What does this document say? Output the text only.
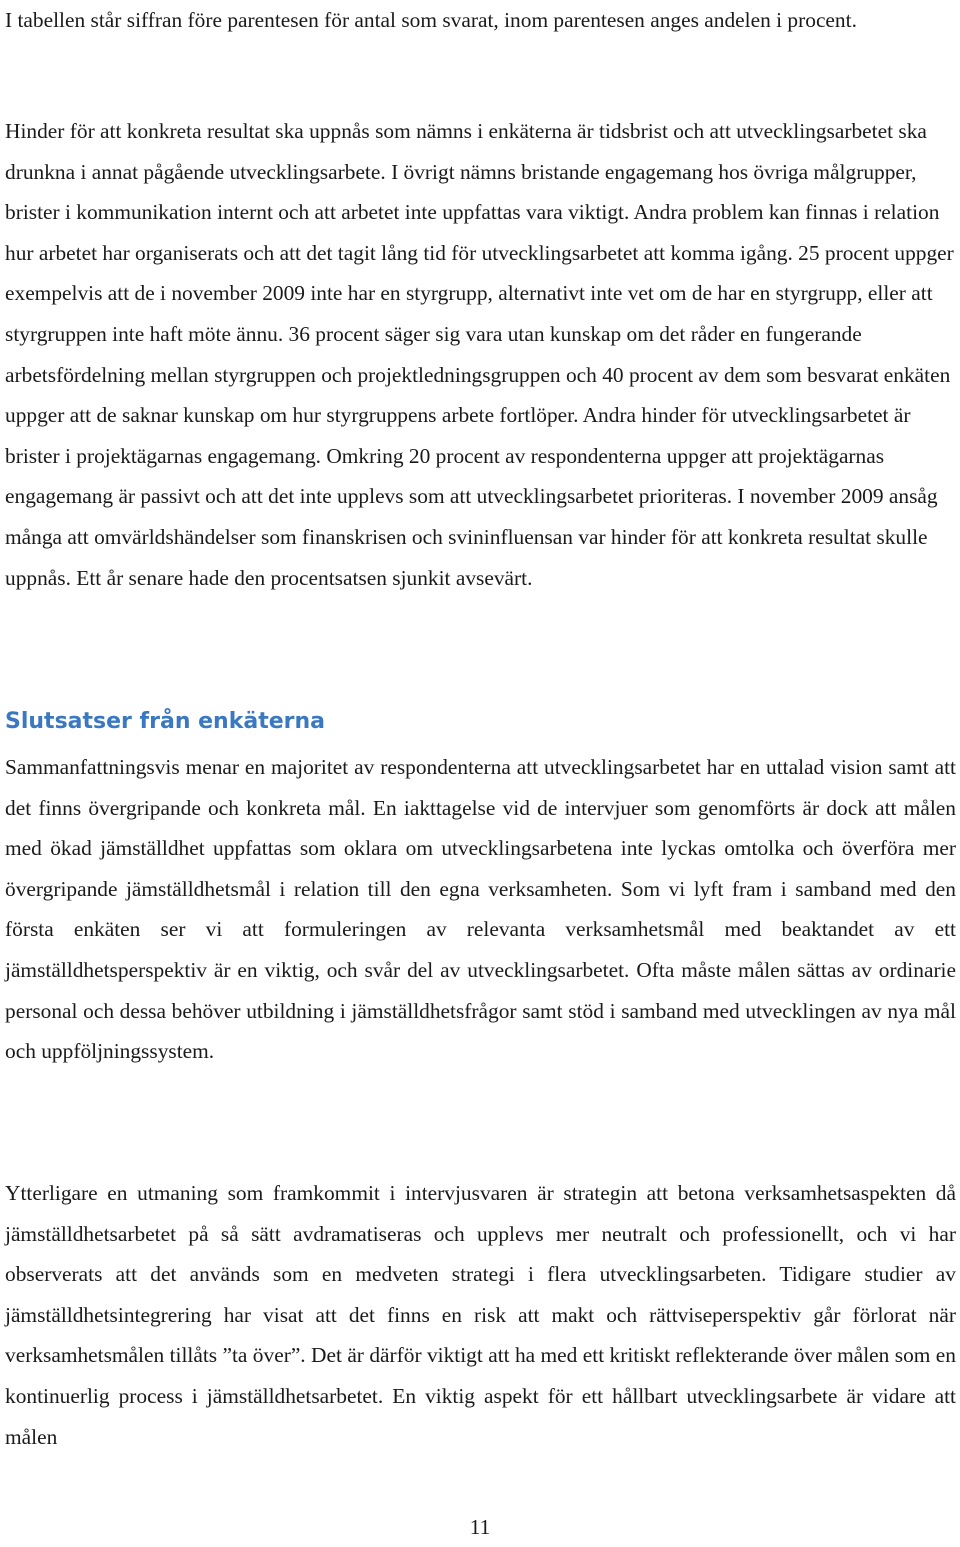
I tabellen står siffran före parentesen för antal som svarat, inom parentesen anges andelen i procent.

Hinder för att konkreta resultat ska uppnås som nämns i enkäterna är tidsbrist och att utvecklingsarbetet ska drunkna i annat pågående utvecklingsarbete. I övrigt nämns bristande engagemang hos övriga målgrupper, brister i kommunikation internt och att arbetet inte uppfattas vara viktigt. Andra problem kan finnas i relation hur arbetet har organiserats och att det tagit lång tid för utvecklingsarbetet att komma igång. 25 procent uppger exempelvis att de i november 2009 inte har en styrgrupp, alternativt inte vet om de har en styrgrupp, eller att styrgruppen inte haft möte ännu. 36 procent säger sig vara utan kunskap om det råder en fungerande arbetsfördelning mellan styrgruppen och projektledningsgruppen och 40 procent av dem som besvarat enkäten uppger att de saknar kunskap om hur styrgruppens arbete fortlöper. Andra hinder för utvecklingsarbetet är brister i projektägarnas engagemang. Omkring 20 procent av respondenterna uppger att projektägarnas engagemang är passivt och att det inte upplevs som att utvecklingsarbetet prioriteras. I november 2009 ansåg många att omvärldshändelser som finanskrisen och svininfluensan var hinder för att konkreta resultat skulle uppnås. Ett år senare hade den procentsatsen sjunkit avsevärt.

Slutsatser från enkäterna

Sammanfattningsvis menar en majoritet av respondenterna att utvecklingsarbetet har en uttalad vision samt att det finns övergripande och konkreta mål. En iakttagelse vid de intervjuer som genomförts är dock att målen med ökad jämställdhet uppfattas som oklara om utvecklingsarbetena inte lyckas omtolka och överföra mer övergripande jämställdhetsmål i relation till den egna verksamheten. Som vi lyft fram i samband med den första enkäten ser vi att formuleringen av relevanta verksamhetsmål med beaktandet av ett jämställdhetsperspektiv är en viktig, och svår del av utvecklingsarbetet. Ofta måste målen sättas av ordinarie personal och dessa behöver utbildning i jämställdhetsfrågor samt stöd i samband med utvecklingen av nya mål och uppföljningssystem.

Ytterligare en utmaning som framkommit i intervjusvaren är strategin att betona verksamhetsaspekten då jämställdhetsarbetet på så sätt avdramatiseras och upplevs mer neutralt och professionellt, och vi har observerats att det används som en medveten strategi i flera utvecklingsarbeten. Tidigare studier av jämställdhetsintegrering har visat att det finns en risk att makt och rättviseperspektiv går förlorat när verksamhetsmålen tillåts ”ta över”. Det är därför viktigt att ha med ett kritiskt reflekterande över målen som en kontinuerlig process i jämställdhetsarbetet. En viktig aspekt för ett hållbart utvecklingsarbete är vidare att målen

11
